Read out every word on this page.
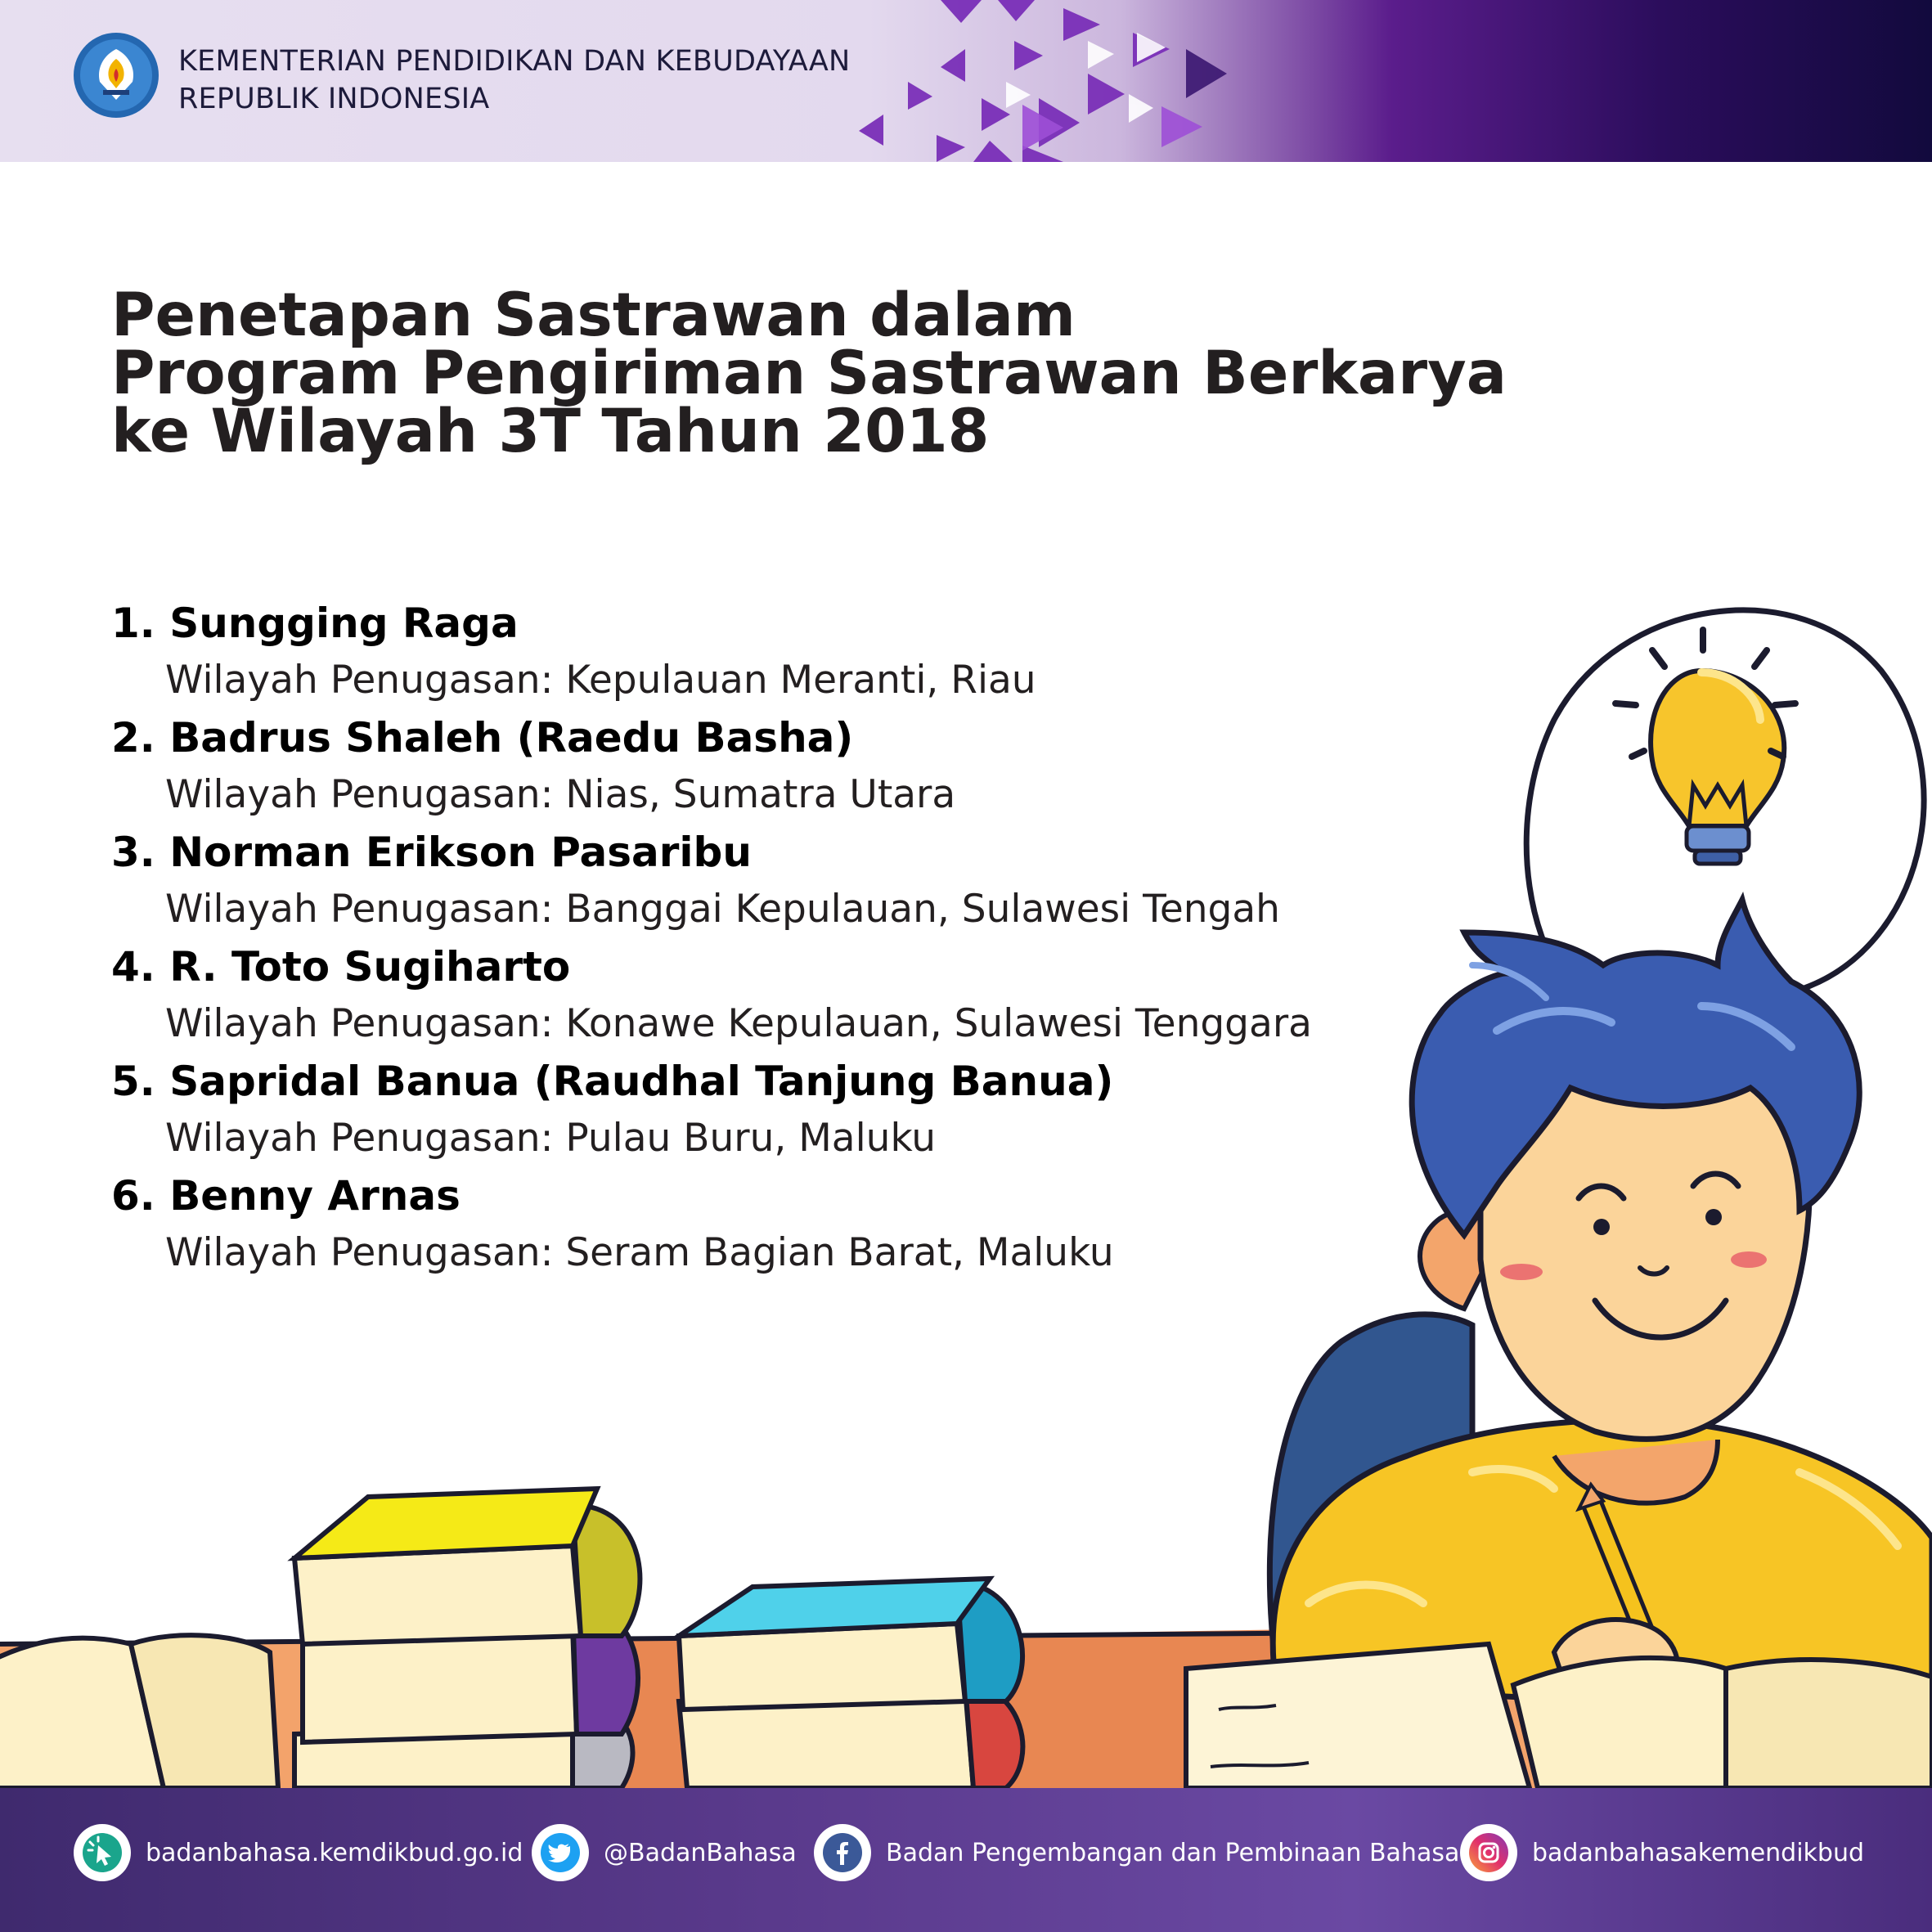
KEMENTERIAN PENDIDIKAN DAN KEBUDAYAAN
REPUBLIK INDONESIA
Penetapan Sastrawan dalam
Program Pengiriman Sastrawan Berkarya
ke Wilayah 3T Tahun 2018
1. Sungging Raga
Wilayah Penugasan: Kepulauan Meranti, Riau
2. Badrus Shaleh (Raedu Basha)
Wilayah Penugasan: Nias, Sumatra Utara
3. Norman Erikson Pasaribu
Wilayah Penugasan: Banggai Kepulauan, Sulawesi Tengah
4. R. Toto Sugiharto
Wilayah Penugasan: Konawe Kepulauan, Sulawesi Tenggara
5. Sapridal Banua (Raudhal Tanjung Banua)
Wilayah Penugasan: Pulau Buru, Maluku
6. Benny Arnas
Wilayah Penugasan: Seram Bagian Barat, Maluku
badanbahasa.kemdikbud.go.id	@BadanBahasa	Badan Pengembangan dan Pembinaan Bahasa	badanbahasakemendikbud
